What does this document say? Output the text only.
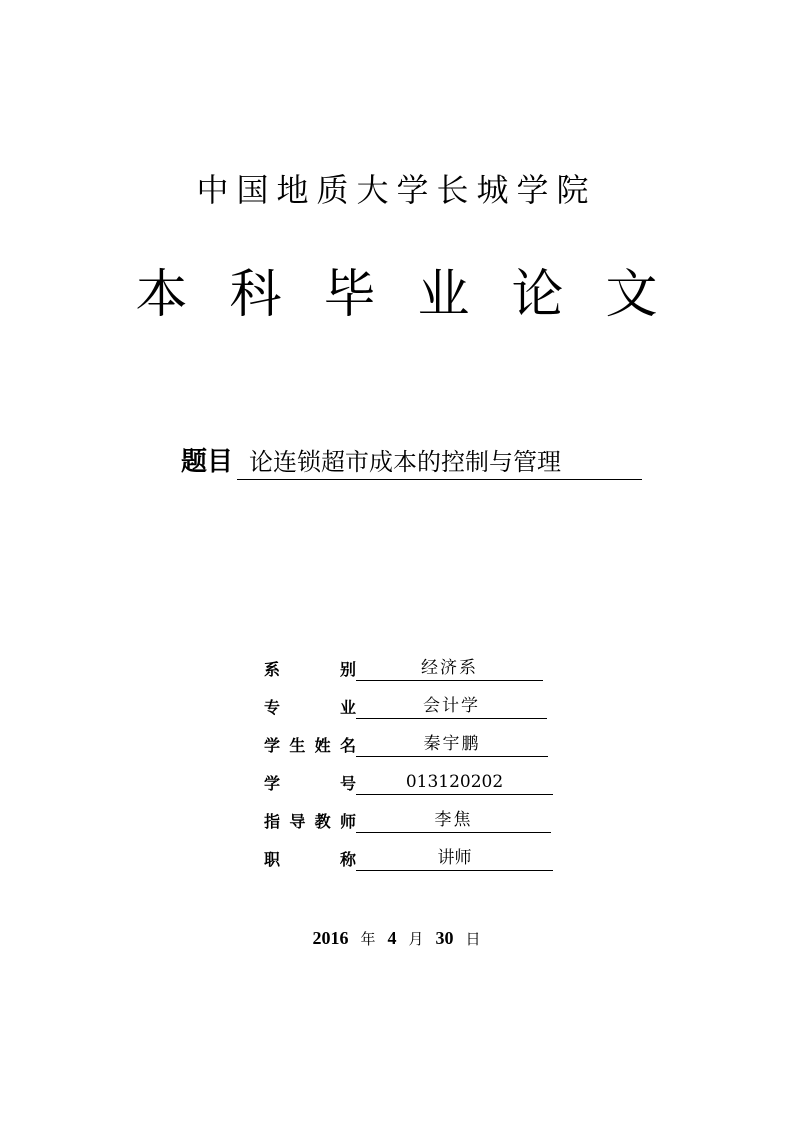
中国地质大学长城学院
本 科 毕 业 论 文
题目 论连锁超市成本的控制与管理
系	别	经济系
专	业	会计学
学 生 姓 名	秦宇鹏
学	号	013120202
指 导 教 师	李焦
职	称	讲师
2016 年 4 月 30 日
